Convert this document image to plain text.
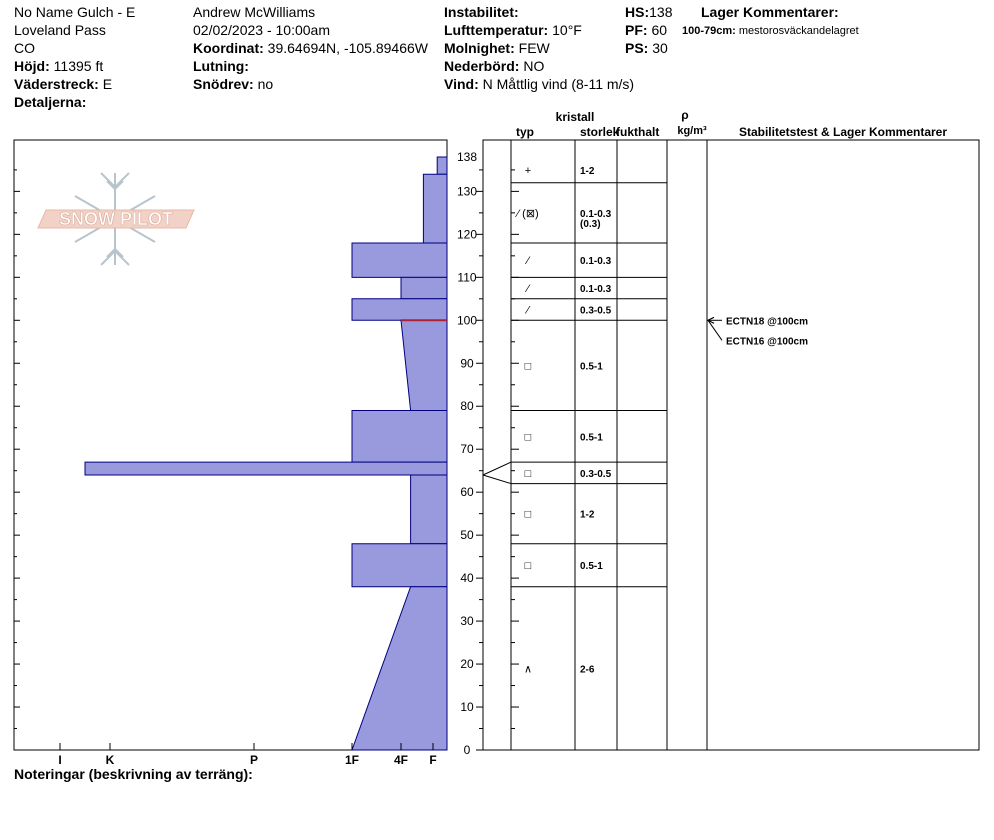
No Name Gulch - E
Loveland Pass
CO
Höjd: 11395 ft
Väderstreck: E
Detaljerna:
Andrew McWilliams
02/02/2023 - 10:00am
Koordinat: 39.64694N, -105.89466W
Lutning:
Snödrev: no
Instabilitet:
Lufttemperatur: 10°F
Molnighet: FEW
Nederbörd: NO
Vind: N Måttlig vind (8-11 m/s)
HS:138
PF: 60
PS: 30
Lager Kommentarer:
100-79cm: mestorosväckandelagret
Noteringar (beskrivning av terräng):
SNOW PILOT
0
10
20
30
40
50
60
70
80
90
100
110
120
130
138
I	K	P	1F	4F F
kristall
typ	storlek
fukthalt
ρ
kg/m³	Stabilitetstest & Lager Kommentarer
+	1-2
⁄ (⊠)	0.1-0.3
(0.3)
⁄	0.1-0.3
⁄	0.1-0.3
⁄	0.3-0.5
□	0.5-1
□	0.5-1
□	0.3-0.5
□	1-2
□	0.5-1
∧	2-6
ECTN18 @100cm
ECTN16 @100cm
